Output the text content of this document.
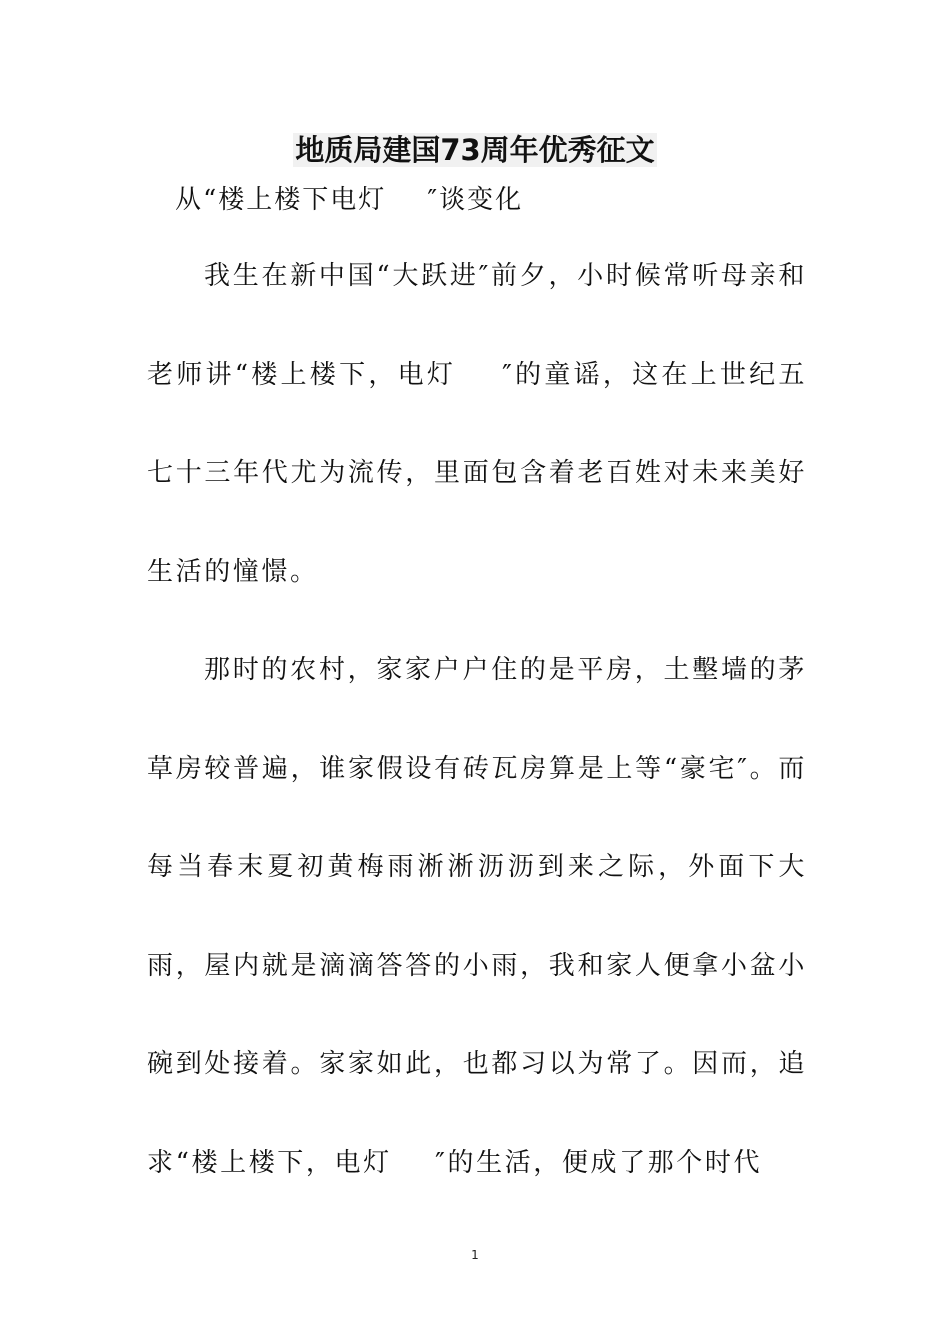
地质局建国73周年优秀征文
从“楼上楼下电灯    ″谈变化

我生在新中国“大跃进″前夕，小时候常听母亲和老师讲“楼上楼下，电灯    ″的童谣，这在上世纪五七十三年代尤为流传，里面包含着老百姓对未来美好生活的憧憬。

那时的农村，家家户户住的是平房，土墼墙的茅草房较普遍，谁家假设有砖瓦房算是上等“豪宅″。而每当春末夏初黄梅雨淅淅沥沥到来之际，外面下大雨，屋内就是滴滴答答的小雨，我和家人便拿小盆小碗到处接着。家家如此，也都习以为常了。因而，追求“楼上楼下，电灯    ″的生活，便成了那个时代

1
